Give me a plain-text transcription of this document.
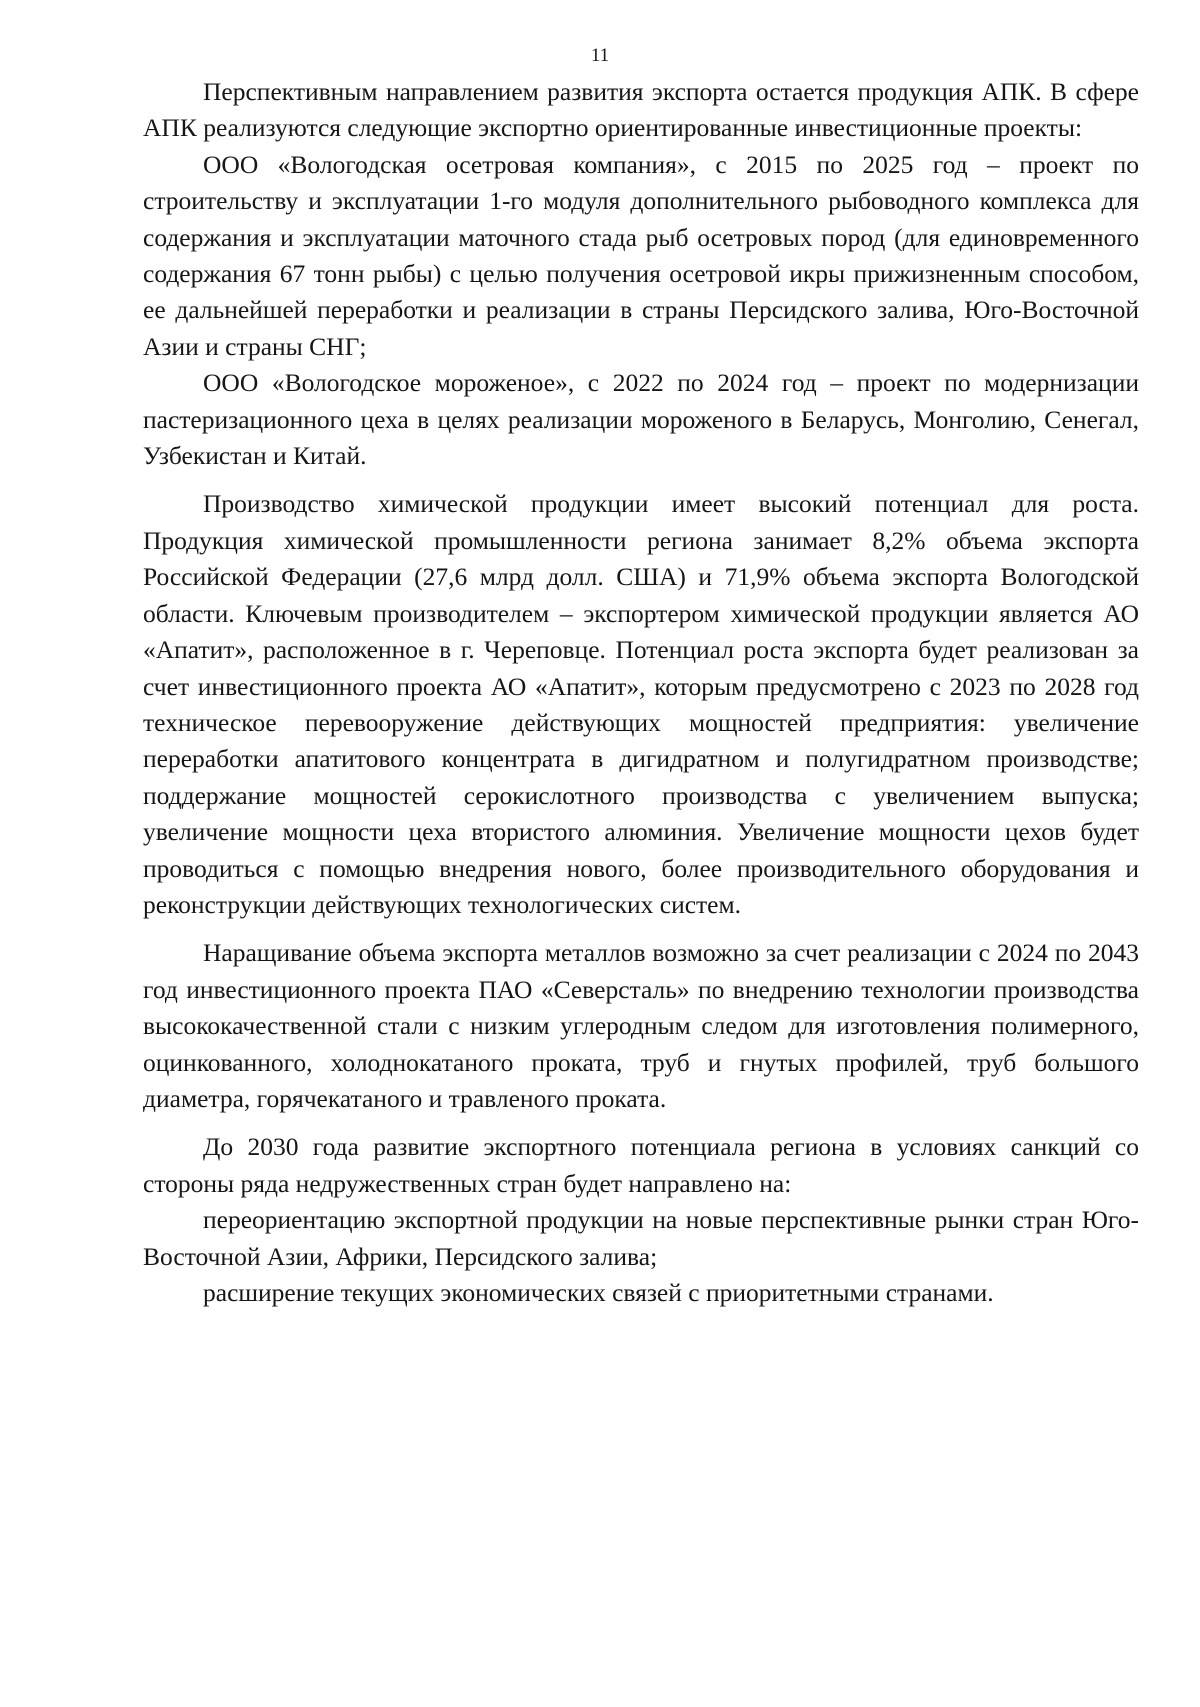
11

Перспективным направлением развития экспорта остается продукция АПК. В сфере АПК реализуются следующие экспортно ориентированные инвестиционные проекты:

ООО «Вологодская осетровая компания», с 2015 по 2025 год – проект по строительству и эксплуатации 1-го модуля дополнительного рыбоводного комплекса для содержания и эксплуатации маточного стада рыб осетровых пород (для единовременного содержания 67 тонн рыбы) с целью получения осетровой икры прижизненным способом, ее дальнейшей переработки и реализации в страны Персидского залива, Юго-Восточной Азии и страны СНГ;

ООО «Вологодское мороженое», с 2022 по 2024 год – проект по модернизации пастеризационного цеха в целях реализации мороженого в Беларусь, Монголию, Сенегал, Узбекистан и Китай.

Производство химической продукции имеет высокий потенциал для роста. Продукция химической промышленности региона занимает 8,2% объема экспорта Российской Федерации (27,6 млрд долл. США) и 71,9% объема экспорта Вологодской области. Ключевым производителем – экспортером химической продукции является АО «Апатит», расположенное в г. Череповце. Потенциал роста экспорта будет реализован за счет инвестиционного проекта АО «Апатит», которым предусмотрено с 2023 по 2028 год техническое перевооружение действующих мощностей предприятия: увеличение переработки апатитового концентрата в дигидратном и полугидратном производстве; поддержание мощностей серокислотного производства с увеличением выпуска; увеличение мощности цеха втористого алюминия. Увеличение мощности цехов будет проводиться с помощью внедрения нового, более производительного оборудования и реконструкции действующих технологических систем.

Наращивание объема экспорта металлов возможно за счет реализации с 2024 по 2043 год инвестиционного проекта ПАО «Северсталь» по внедрению технологии производства высококачественной стали с низким углеродным следом для изготовления полимерного, оцинкованного, холоднокатаного проката, труб и гнутых профилей, труб большого диаметра, горячекатаного и травленого проката.

До 2030 года развитие экспортного потенциала региона в условиях санкций со стороны ряда недружественных стран будет направлено на:

переориентацию экспортной продукции на новые перспективные рынки стран Юго-Восточной Азии, Африки, Персидского залива;

расширение текущих экономических связей с приоритетными странами.
